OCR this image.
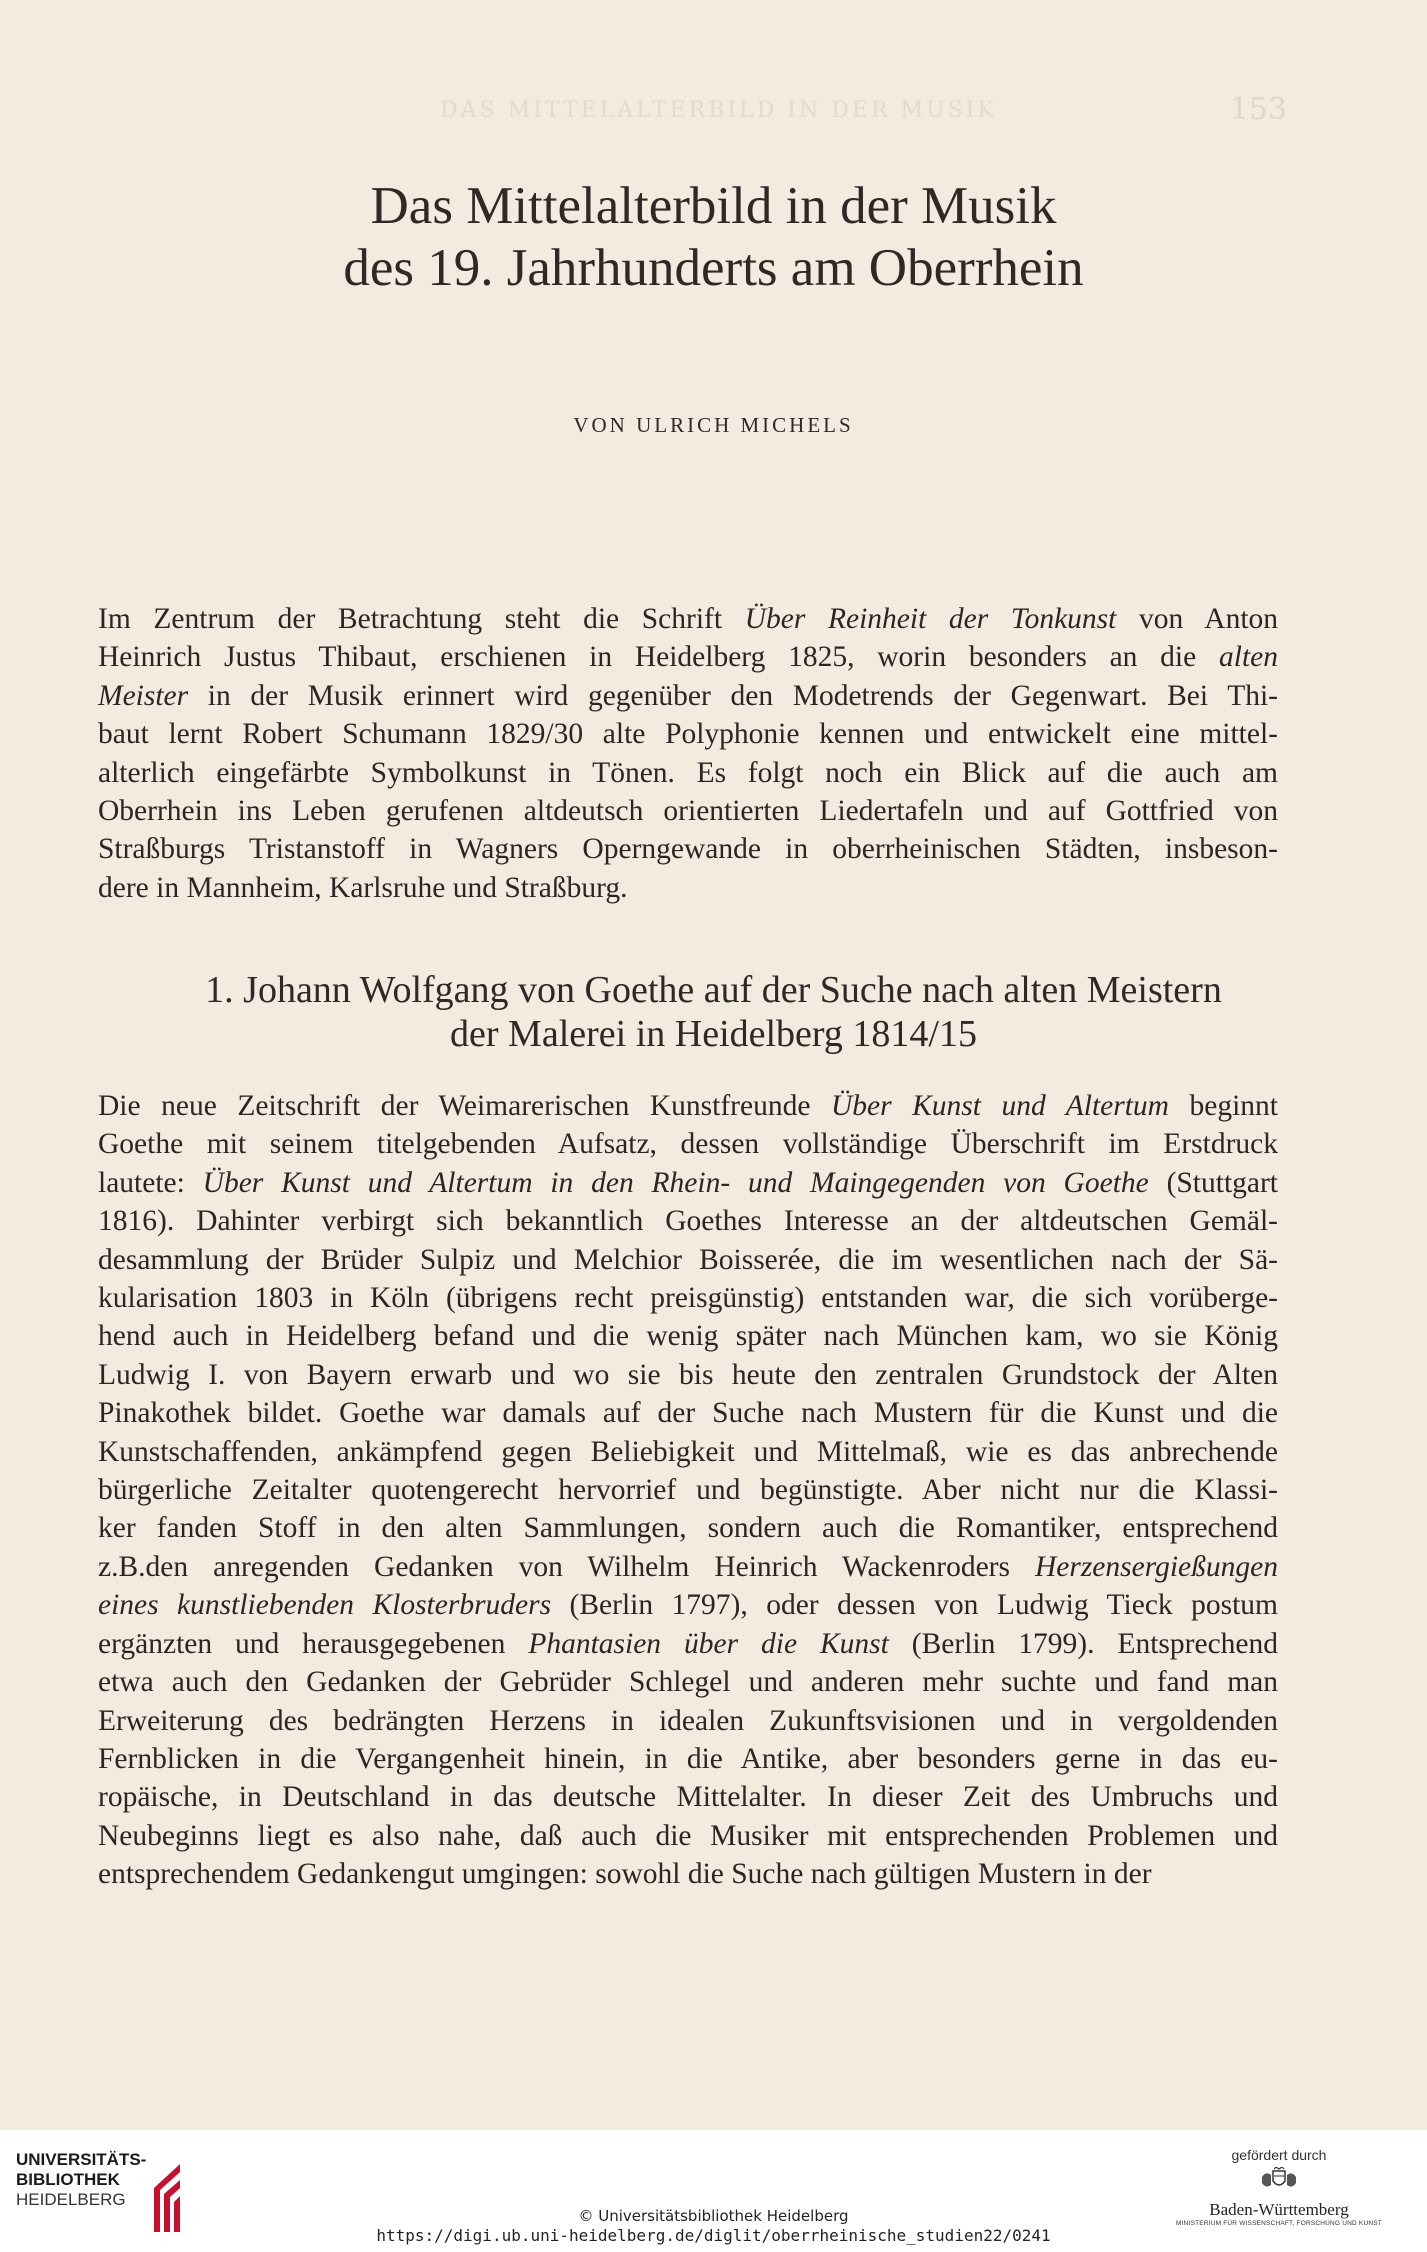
DAS MITTELALTERBILD IN DER MUSIK	153
Das Mittelalterbild in der Musik
des 19. Jahrhunderts am Oberrhein
VON ULRICH MICHELS
Im Zentrum der Betrachtung steht die Schrift Über Reinheit der Tonkunst von Anton
Heinrich Justus Thibaut, erschienen in Heidelberg 1825, worin besonders an die alten
Meister in der Musik erinnert wird gegenüber den Modetrends der Gegenwart. Bei Thi-
baut lernt Robert Schumann 1829/30 alte Polyphonie kennen und entwickelt eine mittel-
alterlich eingefärbte Symbolkunst in Tönen. Es folgt noch ein Blick auf die auch am
Oberrhein ins Leben gerufenen altdeutsch orientierten Liedertafeln und auf Gottfried von
Straßburgs Tristanstoff in Wagners Operngewande in oberrheinischen Städten, insbeson-
dere in Mannheim, Karlsruhe und Straßburg.
1. Johann Wolfgang von Goethe auf der Suche nach alten Meistern
der Malerei in Heidelberg 1814/15
Die neue Zeitschrift der Weimarerischen Kunstfreunde Über Kunst und Altertum beginnt
Goethe mit seinem titelgebenden Aufsatz, dessen vollständige Überschrift im Erstdruck
lautete: Über Kunst und Altertum in den Rhein- und Maingegenden von Goethe (Stuttgart
1816). Dahinter verbirgt sich bekanntlich Goethes Interesse an der altdeutschen Gemäl-
desammlung der Brüder Sulpiz und Melchior Boisserée, die im wesentlichen nach der Sä-
kularisation 1803 in Köln (übrigens recht preisgünstig) entstanden war, die sich vorüberge-
hend auch in Heidelberg befand und die wenig später nach München kam, wo sie König
Ludwig I. von Bayern erwarb und wo sie bis heute den zentralen Grundstock der Alten
Pinakothek bildet. Goethe war damals auf der Suche nach Mustern für die Kunst und die
Kunstschaffenden, ankämpfend gegen Beliebigkeit und Mittelmaß, wie es das anbrechende
bürgerliche Zeitalter quotengerecht hervorrief und begünstigte. Aber nicht nur die Klassi-
ker fanden Stoff in den alten Sammlungen, sondern auch die Romantiker, entsprechend
z.B.den anregenden Gedanken von Wilhelm Heinrich Wackenroders Herzensergießungen
eines kunstliebenden Klosterbruders (Berlin 1797), oder dessen von Ludwig Tieck postum
ergänzten und herausgegebenen Phantasien über die Kunst (Berlin 1799). Entsprechend
etwa auch den Gedanken der Gebrüder Schlegel und anderen mehr suchte und fand man
Erweiterung des bedrängten Herzens in idealen Zukunftsvisionen und in vergoldenden
Fernblicken in die Vergangenheit hinein, in die Antike, aber besonders gerne in das eu-
ropäische, in Deutschland in das deutsche Mittelalter. In dieser Zeit des Umbruchs und
Neubeginns liegt es also nahe, daß auch die Musiker mit entsprechenden Problemen und
entsprechendem Gedankengut umgingen: sowohl die Suche nach gültigen Mustern in der
UNIVERSITÄTS-
BIBLIOTHEK
HEIDELBERG
© Universitätsbibliothek Heidelberg
https://digi.ub.uni-heidelberg.de/diglit/oberrheinische_studien22/0241
gefördert durch
Baden-Württemberg
MINISTERIUM FÜR WISSENSCHAFT, FORSCHUNG UND KUNST
